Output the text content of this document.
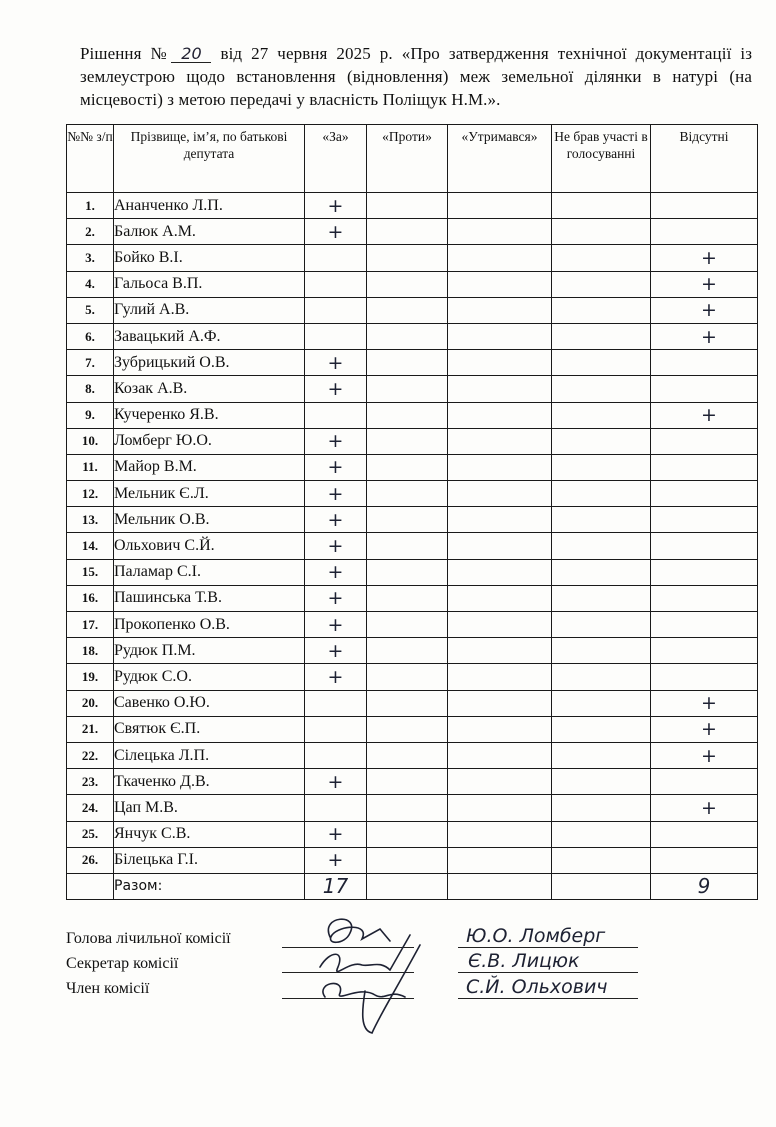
Рішення № 20 від 27 червня 2025 р. «Про затвердження технічної документації із землеустрою щодо встановлення (відновлення) меж земельної ділянки в натурі (на місцевості) з метою передачі у власність Поліщук Н.М.».
№№ з/п	Прізвище, ім’я, по батькові депутата	«За»	«Проти»	«Утримався»	Не брав участі в голосуванні	Відсутні
1.	Ананченко Л.П.	+				
2.	Балюк А.М.	+				
3.	Бойко В.І.					+
4.	Гальоса В.П.					+
5.	Гулий А.В.					+
6.	Завацький А.Ф.					+
7.	Зубрицький О.В.	+				
8.	Козак А.В.	+				
9.	Кучеренко Я.В.					+
10.	Ломберг Ю.О.	+				
11.	Майор В.М.	+				
12.	Мельник Є.Л.	+				
13.	Мельник О.В.	+				
14.	Ольхович С.Й.	+				
15.	Паламар С.І.	+				
16.	Пашинська Т.В.	+				
17.	Прокопенко О.В.	+				
18.	Рудюк П.М.	+				
19.	Рудюк С.О.	+				
20.	Савенко О.Ю.					+
21.	Святюк Є.П.					+
22.	Сілецька Л.П.					+
23.	Ткаченко Д.В.	+				
24.	Цап М.В.					+
25.	Янчук С.В.	+				
26.	Білецька Г.І.	+				
	Разом:	17				9
Голова лічильної комісії
Секретар комісії
Член комісії
Ю.О. Ломберг
Є.В. Лицюк
С.Й. Ольхович
